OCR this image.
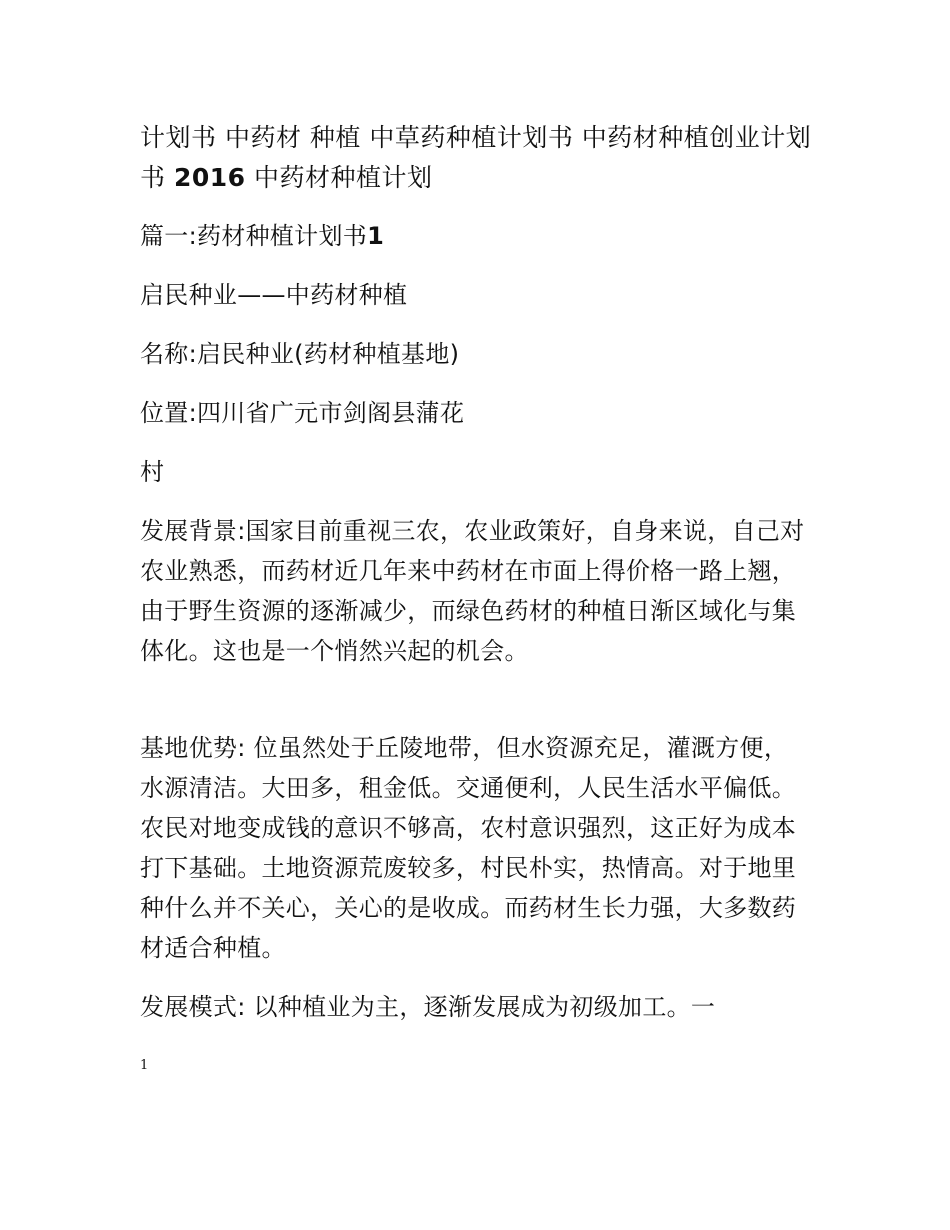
计划书 中药材 种植 中草药种植计划书 中药材种植创业计划书 2016 中药材种植计划

篇一:药材种植计划书1

启民种业——中药材种植

名称:启民种业(药材种植基地)

位置:四川省广元市剑阁县蒲花

村

发展背景:国家目前重视三农，农业政策好，自身来说，自己对农业熟悉，而药材近几年来中药材在市面上得价格一路上翘，由于野生资源的逐渐减少，而绿色药材的种植日渐区域化与集体化。这也是一个悄然兴起的机会。

基地优势: 位虽然处于丘陵地带，但水资源充足，灌溉方便，水源清洁。大田多，租金低。交通便利，人民生活水平偏低。农民对地变成钱的意识不够高，农村意识强烈，这正好为成本打下基础。土地资源荒废较多，村民朴实，热情高。对于地里种什么并不关心，关心的是收成。而药材生长力强，大多数药材适合种植。

发展模式: 以种植业为主，逐渐发展成为初级加工。一

1
